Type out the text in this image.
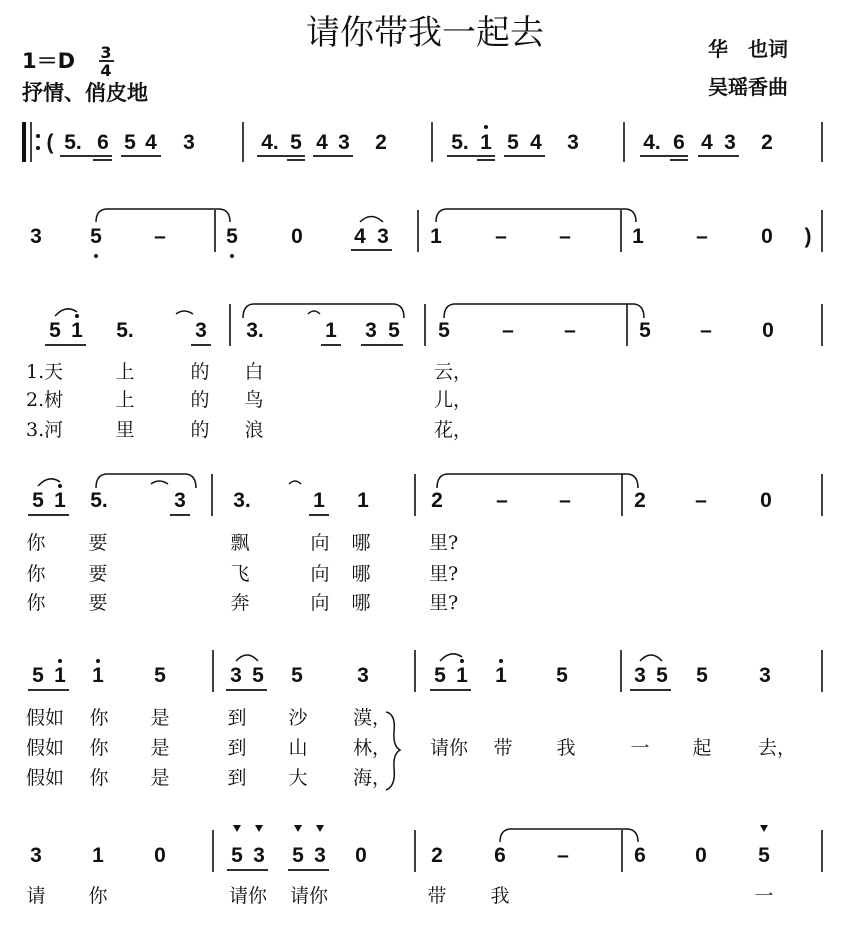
请你带我一起去
1＝D 3
4
抒情、俏皮地
华　也词
吴瑶香曲
( 5. 6 5 4 3	4. 5 4 3 2	5. 1 5 4 3	4. 6 4 3 2
3 5 –	5	0 4 3 1	– –	1 –	0 )
5 1 5.	3 3.	1 3 5 5 – –	5 – 0
1.天	上	的 白	云，
2.树	上	的 鸟	儿，
3.河	里	的 浪	花，
5 1 5.	3 3.	1 1	2	– –	2 –	0
你 要	飘	向 哪	里?
你 要	飞	向 哪	里?
你 要	奔	向 哪	里?
5 1 1 5	3 5 5	3	5 1 1 5	3 5 5 3
假如 你 是	到 沙 漠，
假如 你 是	到 山 林，
假如 你 是	到 大 海，
请你 带 我	一 起 去，
3 1 0	5 3 5 3 0	2 6 –	6 0 5
请 你	请你 请你	带 我	一
